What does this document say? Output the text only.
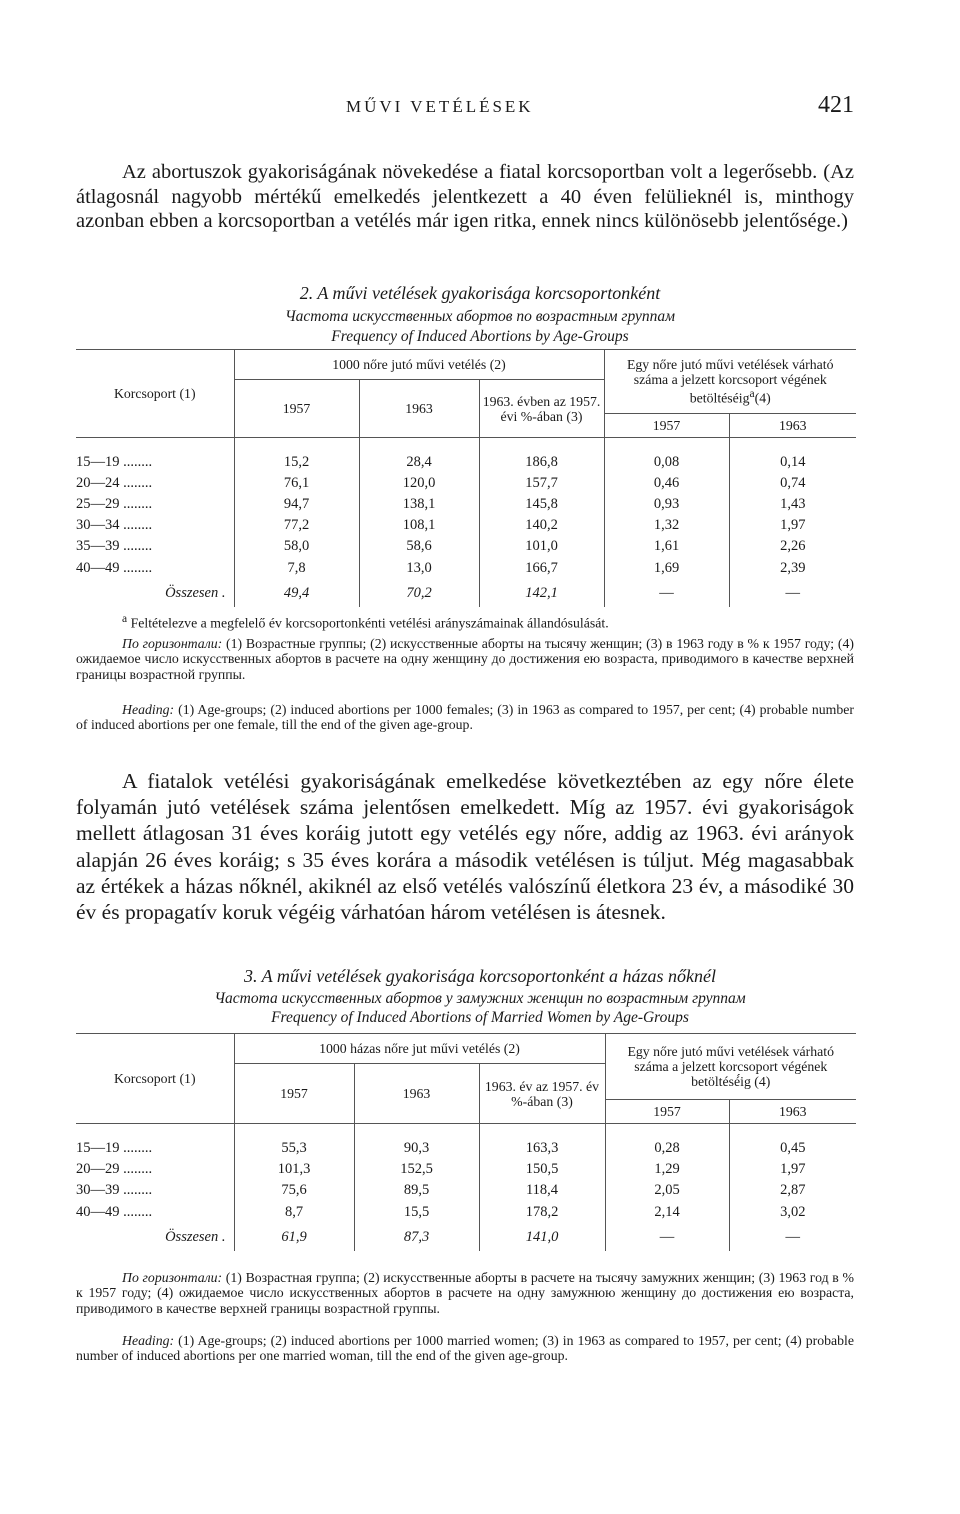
MŰVI VETÉLÉSEK	421

Az abortuszok gyakoriságának növekedése a fiatal korcsoportban volt a legerősebb. (Az átlagosnál nagyobb mértékű emelkedés jelentkezett a 40 éven felülieknél is, minthogy azonban ebben a korcsoportban a vetélés már igen ritka, ennek nincs különösebb jelentősége.)

2. A művi vetélések gyakorisága korcsoportonként

Частота искусственных абортов по возрастным группам

Frequency of Induced Abortions by Age-Groups

Korcsoport (1)	1000 nőre jutó művi vetélés (2)			Egy nőre jutó művi vetélések várható száma a jelzett korcsoport végének betöltéséig$^a$(4)	
	1957	1963	1963. évben az 1957. évi %-ában (3)		
				1957	1963

15—19 ........	15,2	28,4	186,8	0,08	0,14
20—24 ........	76,1	120,0	157,7	0,46	0,74
25—29 ........	94,7	138,1	145,8	0,93	1,43
30—34 ........	77,2	108,1	140,2	1,32	1,97
35—39 ........	58,0	58,6	101,0	1,61	2,26
40—49 ........	7,8	13,0	166,7	1,69	2,39
Összesen .	49,4	70,2	142,1	—	—

$^a$ Feltételezve a megfelelő év korcsoportonkénti vetélési arányszámainak állandósulását.

По горизонтали: (1) Возрастные группы; (2) искусственные аборты на тысячу женщин; (3) в 1963 году в % к 1957 году; (4) ожидаемое число искусственных абортов в расчете на одну женщину до достижения ею возраста, приводимого в качестве верхней границы возрастной группы.

Heading: (1) Age-groups; (2) induced abortions per 1000 females; (3) in 1963 as compared to 1957, per cent; (4) probable number of induced abortions per one female, till the end of the given age-group.

A fiatalok vetélési gyakoriságának emelkedése következtében az egy nőre élete folyamán jutó vetélések száma jelentősen emelkedett. Míg az 1957. évi gyakoriságok mellett átlagosan 31 éves koráig jutott egy vetélés egy nőre, addig az 1963. évi arányok alapján 26 éves koráig; s 35 éves korára a második vetélésen is túljut. Még magasabbak az értékek a házas nőknél, akiknél az első vetélés valószínű életkora 23 év, a másodiké 30 év és propagatív koruk végéig várhatóan három vetélésen is átesnek.

3. A művi vetélések gyakorisága korcsoportonként a házas nőknél

Частота искусственных абортов у замужних женщин по возрастным группам

Frequency of Induced Abortions of Married Women by Age-Groups

Korcsoport (1)	1000 házas nőre jut művi vetélés (2)			Egy nőre jutó művi vetélések várható száma a jelzett korcsoport végének betöltésé́ig (4)	
	1957	1963	1963. év az 1957. év %-ában (3)		
				1957	1963

15—19 ........	55,3	90,3	163,3	0,28	0,45
20—29 ........	101,3	152,5	150,5	1,29	1,97
30—39 ........	75,6	89,5	118,4	2,05	2,87
40—49 ........	8,7	15,5	178,2	2,14	3,02
Összesen .	61,9	87,3	141,0	—	—

По горизонтали: (1) Возрастная группа; (2) искусственные аборты в расчете на тысячу замужних женщин; (3) 1963 год в % к 1957 году; (4) ожидаемое число искусственных абортов в расчете на одну замужнюю женщину до достижения ею возраста, приводимого в качестве верхней границы возрастной группы.

Heading: (1) Age-groups; (2) induced abortions per 1000 married women; (3) in 1963 as compared to 1957, per cent; (4) probable number of induced abortions per one married woman, till the end of the given age-group.
